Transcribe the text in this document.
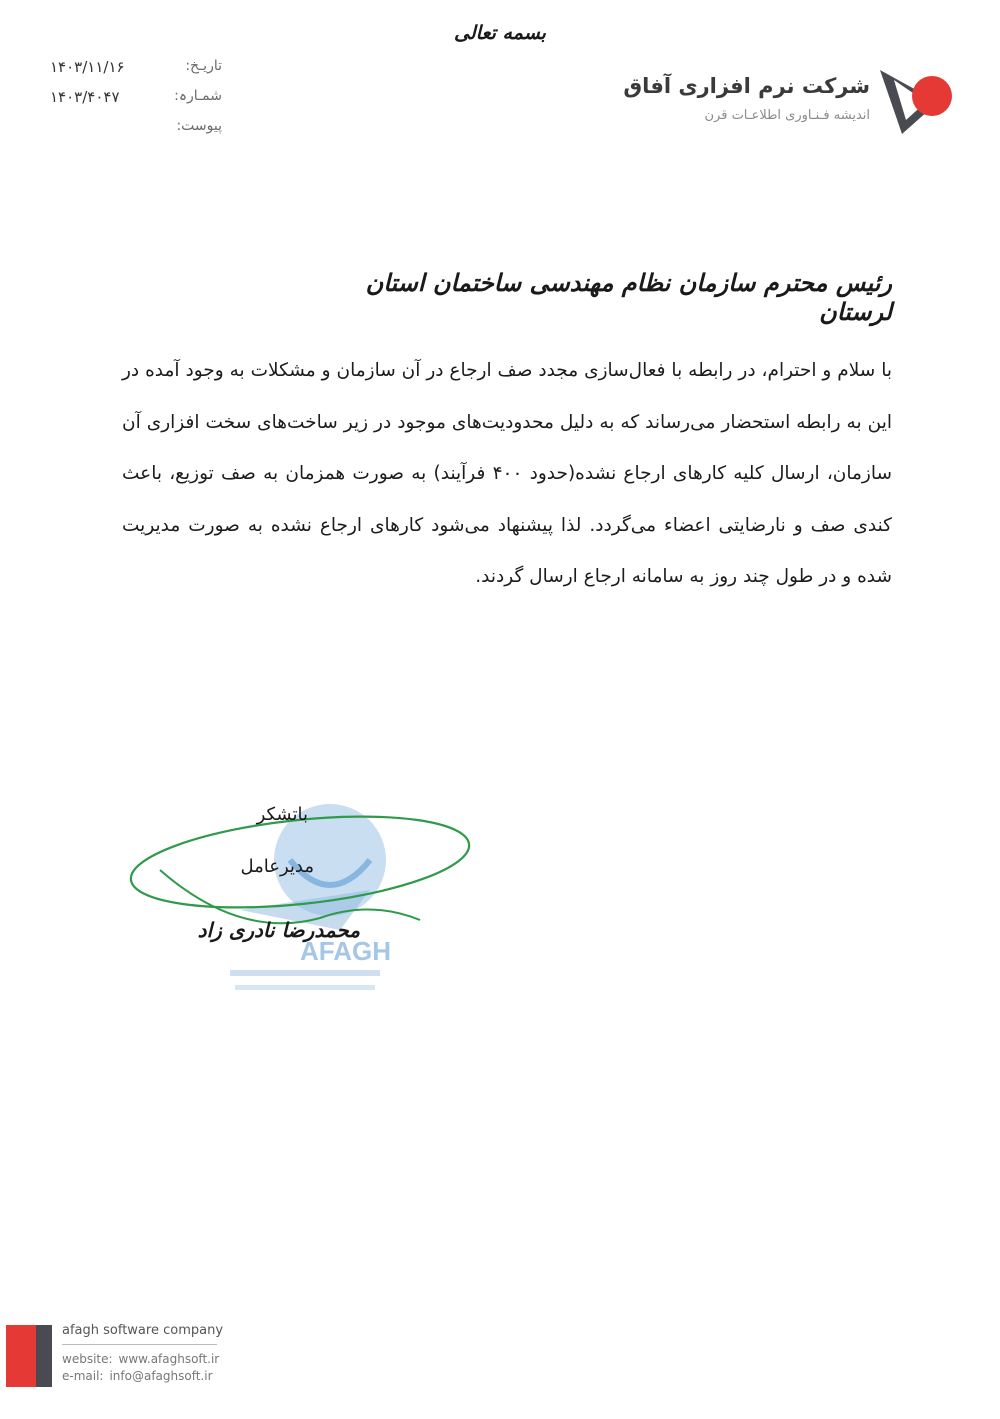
بسمه تعالی
تاریـخ:
۱۴۰۳/۱۱/۱۶
شمـارہ:
۱۴۰۳/۴۰۴۷
پیوست:
شرکت نرم افزاری آفاق
اندیشه فـنـاوری اطلاعـات قرن
رئیس محترم سازمان نظام مهندسی ساختمان استان لرستان
با سلام و احترام، در رابطه با فعال‌سازی مجدد صف ارجاع در آن سازمان و مشکلات به وجود آمده در این به رابطه استحضار می‌رساند که به دلیل محدودیت‌های موجود در زیر ساخت‌های سخت افزاری آن سازمان، ارسال کلیه کارهای ارجاع نشده(حدود ۴۰۰ فرآیند) به صورت همزمان به صف توزیع، باعث کندی صف و نارضایتی اعضاء می‌گردد. لذا پیشنهاد می‌شود کارهای ارجاع نشده به صورت مدیریت شده و در طول چند روز به سامانه ارجاع ارسال گردند.
AFAGH
باتشکر
مدیرعامل
محمدرضا نادری زاد
afagh software company
website: www.afaghsoft.ir
e-mail: info@afaghsoft.ir
